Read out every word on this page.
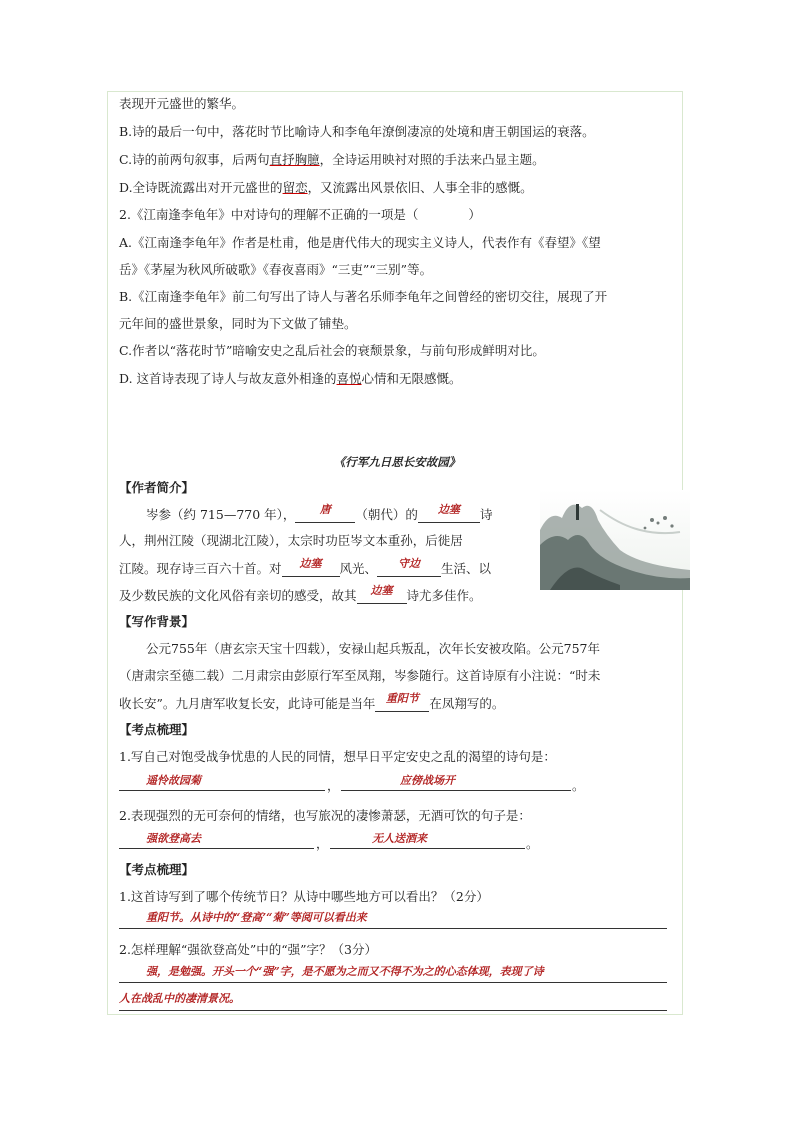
表现开元盛世的繁华。
B.诗的最后一句中，落花时节比喻诗人和李龟年潦倒凄凉的处境和唐王朝国运的衰落。
C.诗的前两句叙事，后两句直抒胸臆，全诗运用映衬对照的手法来凸显主题。
D.全诗既流露出对开元盛世的留恋，又流露出风景依旧、人事全非的感慨。
2.《江南逢李龟年》中对诗句的理解不正确的一项是（　　　　）
A.《江南逢李龟年》作者是杜甫，他是唐代伟大的现实主义诗人，代表作有《春望》《望
岳》《茅屋为秋风所破歌》《春夜喜雨》“三吏”“三别”等。
B.《江南逢李龟年》前二句写出了诗人与著名乐师李龟年之间曾经的密切交往，展现了开
元年间的盛世景象，同时为下文做了铺垫。
C.作者以“落花时节”暗喻安史之乱后社会的衰颓景象，与前句形成鲜明对比。
D. 这首诗表现了诗人与故友意外相逢的喜悦心情和无限感慨。
《行军九日思长安故园》
【作者简介】
岑参（约 715—770 年），	唐	（朝代）的	边塞	诗
人，荆州江陵（现湖北江陵），太宗时功臣岑文本重孙，后徙居
江陵。现存诗三百六十首。对	边塞	风光、	守边	生活、以
及少数民族的文化风俗有亲切的感受，故其	边塞	诗尤多佳作。
【写作背景】
公元755年（唐玄宗天宝十四载），安禄山起兵叛乱，次年长安被攻陷。公元757年
（唐肃宗至德二载）二月肃宗由彭原行军至凤翔，岑参随行。这首诗原有小注说：“时未
收长安”。九月唐军收复长安，此诗可能是当年 重阳节 在凤翔写的。
【考点梳理】
1.写自己对饱受战争忧患的人民的同情，想早日平定安史之乱的渴望的诗句是：
遥怜故园菊	应傍战场开
，	。
2.表现强烈的无可奈何的情绪，也写旅况的凄惨萧瑟，无酒可饮的句子是：
强欲登高去	无人送酒来
，	。
【考点梳理】
1.这首诗写到了哪个传统节日？从诗中哪些地方可以看出？（2分）
重阳节。从诗中的“登高’“菊”等阅可以看出来
2.怎样理解“强欲登高处”中的“强”字？（3分）
强，是勉强。开头一个“强”字，是不愿为之而又不得不为之的心态体现，表现了诗
人在战乱中的凄清景况。
